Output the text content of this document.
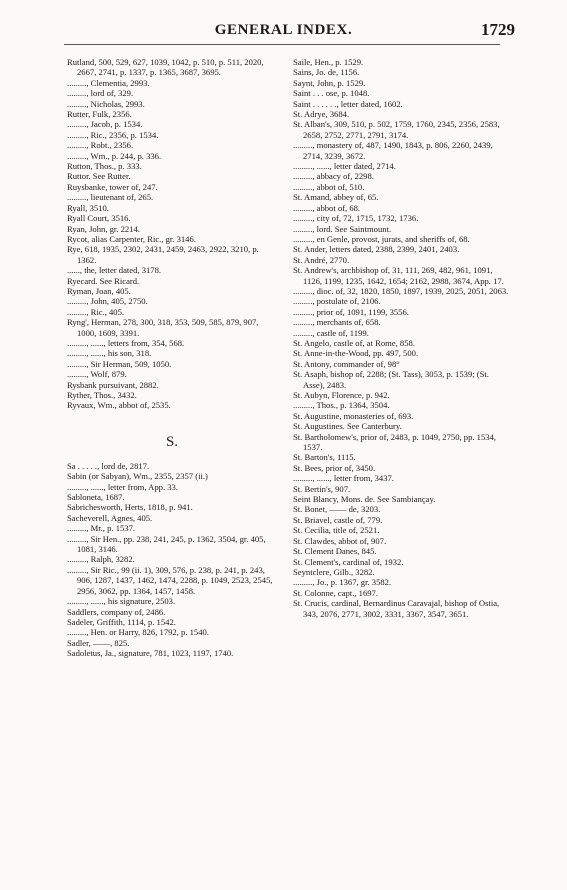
GENERAL INDEX.	1729

Rutland, 500, 529, 627, 1039, 1042, p. 510, p. 511, 2020, 2667, 2741, p. 1337, p. 1365, 3687, 3695.

........., Clementia, 2993.

........., lord of, 329.

........., Nicholas, 2993.

Rutter, Fulk, 2356.

........., Jacob, p. 1534.

........., Ric., 2356, p. 1534.

........., Robt., 2356.

........., Wm., p. 244, p. 336.

Rutton, Thos., p. 333.

Ruttor. See Rutter.

Ruysbanke, tower of, 247.

........., lieutenant of, 265.

Ryall, 3510.

Ryall Court, 3516.

Ryan, John, gr. 2214.

Rycot, alias Carpenter, Ric., gr. 3146.

Rye, 618, 1935, 2302, 2431, 2459, 2463, 2922, 3210, p. 1362.

......, the, letter dated, 3178.

Ryecard. See Ricard.

Ryman, Joan, 405.

........., John, 405, 2750.

........., Ric., 405.

Ryng', Herman, 278, 300, 318, 353, 509, 585, 879, 907, 1000, 1609, 3391.

........., ......, letters from, 354, 568.

........., ......, his son, 318.

........., Sir Herman, 509, 1050.

........., Wolf, 879.

Rysbank pursuivant, 2882.

Ryther, Thos., 3432.

Ryvaux, Wm., abbot of, 2535.

S.

Sa . . . . ., lord de, 2817.

Sabin (or Sabyan), Wm., 2355, 2357 (ii.)

........., ......, letter from, App. 33.

Sabloneta, 1687.

Sabrichesworth, Herts, 1818, p. 941.

Sacheverell, Agnes, 405.

........., Mr., p. 1537.

........., Sir Hen., pp. 238, 241, 245, p. 1362, 3504, gr. 405, 1081, 3146.

........., Ralph, 3282.

........., Sir Ric., 99 (ii. 1), 309, 576, p. 238, p. 241, p. 243, 906, 1287, 1437, 1462, 1474, 2288, p. 1049, 2523, 2545, 2956, 3062, pp. 1364, 1457, 1458.

........., ......, his signature, 2503.

Saddlers, company of, 2486.

Sadeler, Griffith, 1114, p. 1542.

........., Hen. or Harry, 826, 1792, p. 1540.

Sadler, ——, 825.

Sadoletus, Ja., signature, 781, 1023, 1197, 1740.

Saile, Hen., p. 1529.

Sains, Jo. de, 1156.

Saynt, John, p. 1529.

Saint . . . ose, p. 1048.

Saint . . . . . ., letter dated, 1602.

St. Adrye, 3684.

St. Alban's, 309, 510, p. 502, 1759, 1760, 2345, 2356, 2583, 2658, 2752, 2771, 2791, 3174.

........., monastery of, 487, 1490, 1843, p. 806, 2260, 2439, 2714, 3239, 3672.

........., ......, letter dated, 2714.

........., abbacy of, 2298.

........., abbot of, 510.

St. Amand, abbey of, 65.

........., abbot of, 68.

........., city of, 72, 1715, 1732, 1736.

........., lord. See Saintmount.

........., en Genle, provost, jurats, and sheriffs of, 68.

St. Ander, letters dated, 2388, 2399, 2401, 2403.

St. André, 2770.

St. Andrew's, archbishop of, 31, 111, 269, 482, 961, 1091, 1126, 1199, 1235, 1642, 1654; 2162, 2988, 3674, App. 17.

........., dioc. of, 32, 1820, 1850, 1897, 1939, 2025, 2051, 2063.

........., postulate of, 2106.

........., prior of, 1091, 1199, 3556.

........., merchants of, 658.

........., castle of, 1199.

St. Angelo, castle of, at Rome, 858.

St. Anne-in-the-Wood, pp. 497, 500.

St. Antony, commander of, 98°

St. Asaph, bishop of, 2288; (St. Tass), 3053, p. 1539; (St. Asse), 2483.

St. Aubyn, Florence, p. 942.

........., Thos., p. 1364, 3504.

St. Augustine, monasteries of, 693.

St. Augustines. See Canterbury.

St. Bartholomew's, prior of, 2483, p. 1049, 2750, pp. 1534, 1537.

St. Barton's, 1115.

St. Bees, prior of, 3450.

........., ......, letter from, 3437.

St. Bertin's, 907.

Seint Blancy, Mons. de. See Sambiançay.

St. Bonet, —— de, 3203.

St. Briavel, castle of, 779.

St. Cecilia, title of, 2521.

St. Clawdes, abbot of, 907.

St. Clement Danes, 845.

St. Clement's, cardinal of, 1932.

Seyntclere, Gilb., 3282.

........., Jo., p. 1367, gr. 3582.

St. Colonne, capt., 1697.

St. Crucis, cardinal, Bernardinus Caravajal, bishop of Ostia, 343, 2076, 2771, 3002, 3331, 3367, 3547, 3651.
